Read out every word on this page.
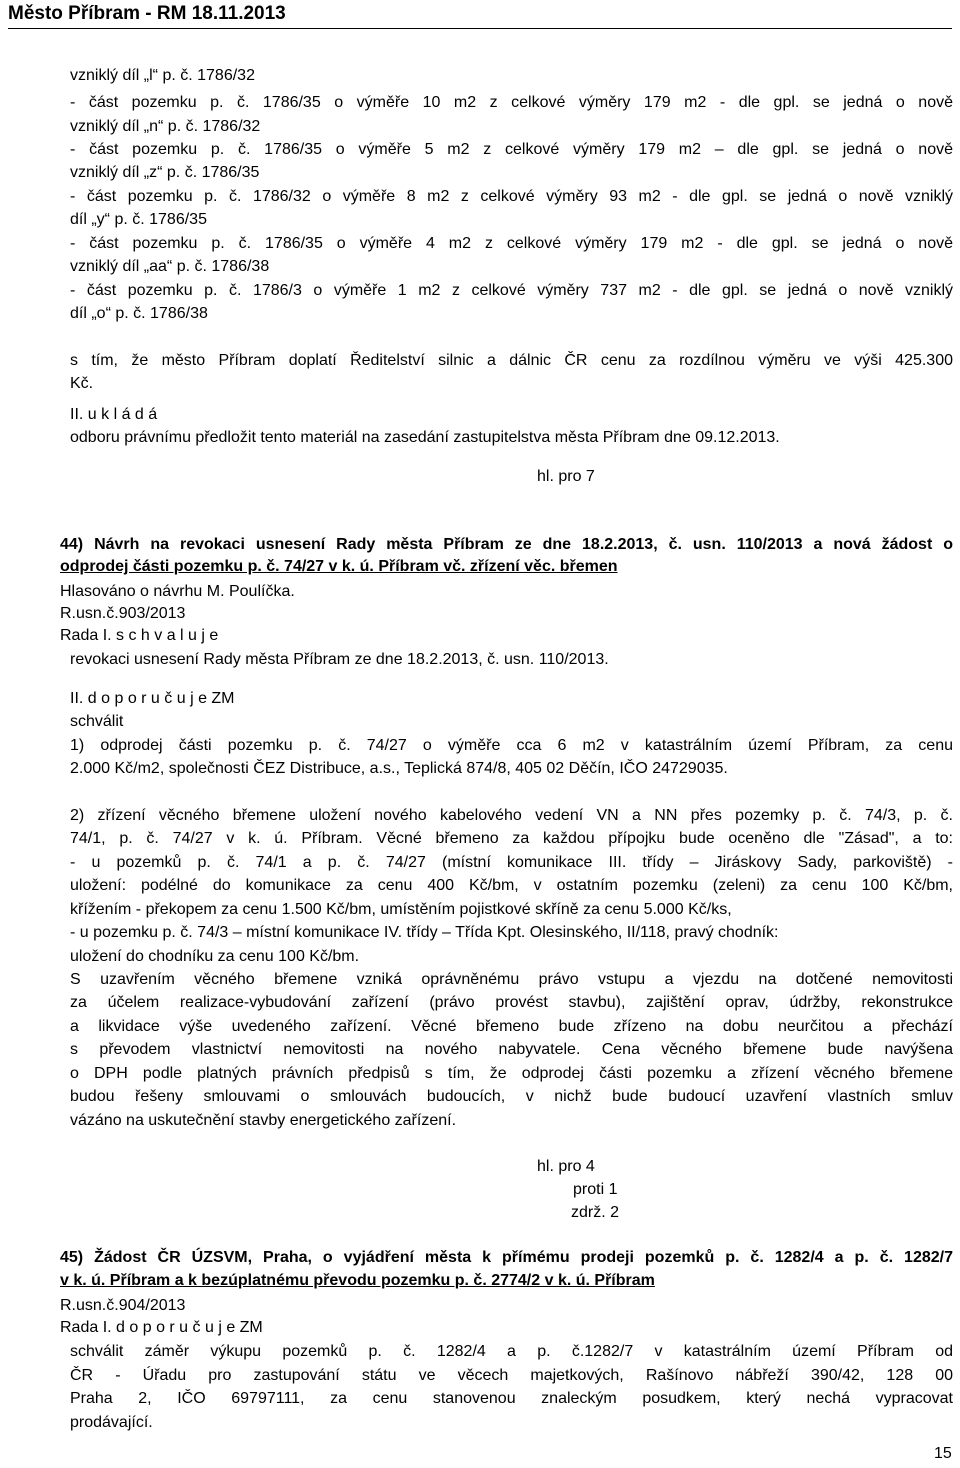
Město Příbram - RM 18.11.2013

vzniklý díl „l“ p. č. 1786/32

- část pozemku p. č. 1786/35 o výměře 10 m2 z celkové výměry 179 m2 - dle gpl. se jedná o nově

vzniklý díl „n“ p. č. 1786/32

- část pozemku p. č. 1786/35 o výměře 5 m2 z celkové výměry 179 m2 – dle gpl. se jedná o nově

vzniklý díl „z“ p. č. 1786/35

- část pozemku p. č. 1786/32 o výměře 8 m2 z celkové výměry 93 m2 - dle gpl. se jedná o nově vzniklý

díl „y“ p. č. 1786/35

- část pozemku p. č. 1786/35 o výměře 4 m2 z celkové výměry 179 m2 - dle gpl. se jedná o nově

vzniklý díl „aa“ p. č. 1786/38

- část pozemku p. č. 1786/3 o výměře 1 m2 z celkové výměry 737 m2 - dle gpl. se jedná o nově vzniklý

díl „o“ p. č. 1786/38

s tím, že město Příbram doplatí Ředitelství silnic a dálnic ČR cenu za rozdílnou výměru ve výši 425.300

Kč.

II. u k l á d á

odboru právnímu předložit tento materiál na zasedání zastupitelstva města Příbram dne 09.12.2013.

hl. pro 7

44) Návrh na revokaci usnesení Rady města Příbram ze dne 18.2.2013, č. usn. 110/2013 a nová žádost o

odprodej části pozemku p. č. 74/27 v k. ú. Příbram vč. zřízení věc. břemen

Hlasováno o návrhu M. Poulíčka.

R.usn.č.903/2013

Rada I. s c h v a l u j e

revokaci usnesení Rady města Příbram ze dne 18.2.2013, č. usn. 110/2013.

II. d o p o r u č u j e ZM

schválit

1) odprodej části pozemku p. č. 74/27 o výměře cca 6 m2 v katastrálním území Příbram, za cenu

2.000 Kč/m2, společnosti ČEZ Distribuce, a.s., Teplická 874/8, 405 02 Děčín, IČO 24729035.

2) zřízení věcného břemene uložení nového kabelového vedení VN a NN přes pozemky p. č. 74/3, p. č.

74/1, p. č. 74/27 v k. ú. Příbram. Věcné břemeno za každou přípojku bude oceněno dle "Zásad", a to:

- u pozemků p. č. 74/1 a p. č. 74/27 (místní komunikace III. třídy – Jiráskovy Sady, parkoviště) -

uložení: podélné do komunikace za cenu 400 Kč/bm, v ostatním pozemku (zeleni) za cenu 100 Kč/bm,

křížením - překopem za cenu 1.500 Kč/bm, umístěním pojistkové skříně za cenu 5.000 Kč/ks,

- u pozemku p. č. 74/3 – místní komunikace IV. třídy – Třída Kpt. Olesinského, II/118, pravý chodník:

uložení do chodníku za cenu 100 Kč/bm.

S uzavřením věcného břemene vzniká oprávněnému právo vstupu a vjezdu na dotčené nemovitosti

za účelem realizace-vybudování zařízení (právo provést stavbu), zajištění oprav, údržby, rekonstrukce

a likvidace výše uvedeného zařízení. Věcné břemeno bude zřízeno na dobu neurčitou a přechází

s převodem vlastnictví nemovitosti na nového nabyvatele. Cena věcného břemene bude navýšena

o DPH podle platných právních předpisů s tím, že odprodej části pozemku a zřízení věcného břemene

budou řešeny smlouvami o smlouvách budoucích, v nichž bude budoucí uzavření vlastních smluv

vázáno na uskutečnění stavby energetického zařízení.

hl. pro 4

proti 1

zdrž. 2

45) Žádost ČR ÚZSVM, Praha, o vyjádření města k přímému prodeji pozemků p. č. 1282/4 a p. č. 1282/7

v k. ú. Příbram a k bezúplatnému převodu pozemku p. č. 2774/2 v k. ú. Příbram

R.usn.č.904/2013

Rada I. d o p o r u č u j e ZM

schválit záměr výkupu pozemků p. č. 1282/4 a p. č.1282/7 v katastrálním území Příbram od

ČR - Úřadu pro zastupování státu ve věcech majetkových, Rašínovo nábřeží 390/42, 128 00

Praha 2, IČO 69797111, za cenu stanovenou znaleckým posudkem, který nechá vypracovat

prodávající.

15
